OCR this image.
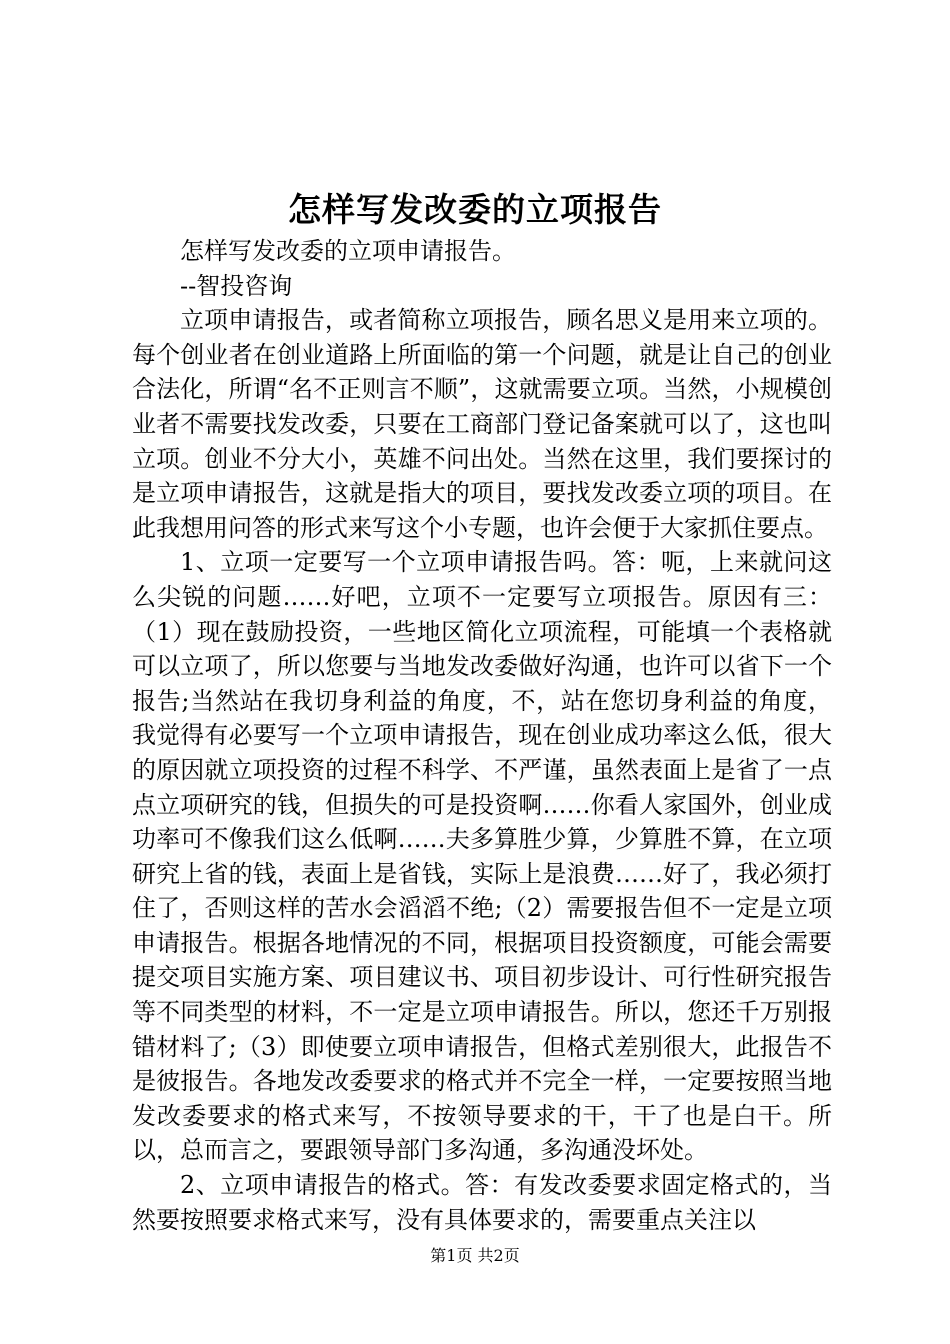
怎样写发改委的立项报告

怎样写发改委的立项申请报告。

--智投咨询

立项申请报告，或者简称立项报告，顾名思义是用来立项的。每个创业者在创业道路上所面临的第一个问题，就是让自己的创业合法化，所谓“名不正则言不顺”，这就需要立项。当然，小规模创业者不需要找发改委，只要在工商部门登记备案就可以了，这也叫立项。创业不分大小，英雄不问出处。当然在这里，我们要探讨的是立项申请报告，这就是指大的项目，要找发改委立项的项目。在此我想用问答的形式来写这个小专题，也许会便于大家抓住要点。

1、立项一定要写一个立项申请报告吗。答：呃，上来就问这么尖锐的问题……好吧，立项不一定要写立项报告。原因有三：（1）现在鼓励投资，一些地区简化立项流程，可能填一个表格就可以立项了，所以您要与当地发改委做好沟通，也许可以省下一个报告;当然站在我切身利益的角度，不，站在您切身利益的角度，我觉得有必要写一个立项申请报告，现在创业成功率这么低，很大的原因就立项投资的过程不科学、不严谨，虽然表面上是省了一点点立项研究的钱，但损失的可是投资啊……你看人家国外，创业成功率可不像我们这么低啊……夫多算胜少算，少算胜不算，在立项研究上省的钱，表面上是省钱，实际上是浪费……好了，我必须打住了，否则这样的苦水会滔滔不绝;（2）需要报告但不一定是立项申请报告。根据各地情况的不同，根据项目投资额度，可能会需要提交项目实施方案、项目建议书、项目初步设计、可行性研究报告等不同类型的材料，不一定是立项申请报告。所以，您还千万别报错材料了;（3）即使要立项申请报告，但格式差别很大，此报告不是彼报告。各地发改委要求的格式并不完全一样，一定要按照当地发改委要求的格式来写，不按领导要求的干，干了也是白干。所以，总而言之，要跟领导部门多沟通，多沟通没坏处。

2、立项申请报告的格式。答：有发改委要求固定格式的，当然要按照要求格式来写，没有具体要求的，需要重点关注以

第1页 共2页
